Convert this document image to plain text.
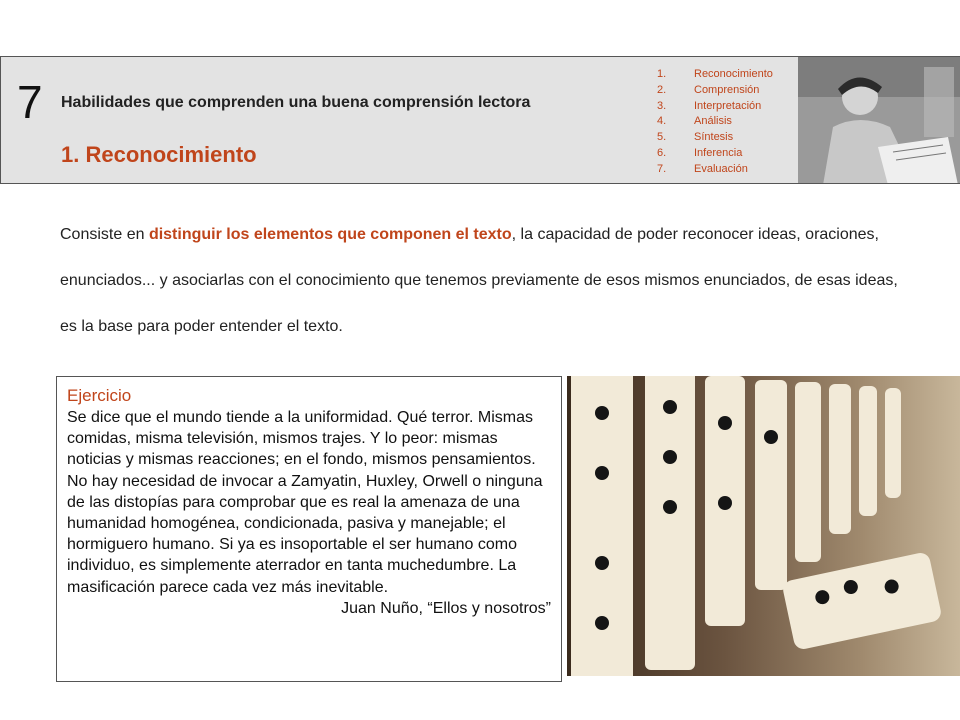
7 Habilidades que comprenden una buena comprensión lectora
1. Reconocimiento
1.	Reconocimiento
2.	Comprensión
3.	Interpretación
4.	Análisis
5.	Síntesis
6.	Inferencia
7.	Evaluación
Consiste en distinguir los elementos que componen el texto, la capacidad de poder reconocer ideas, oraciones, enunciados... y asociarlas con el conocimiento que tenemos previamente de esos mismos enunciados, de esas ideas, es la base para poder entender el texto.
Ejercicio
Se dice que el mundo tiende a la uniformidad. Qué terror. Mismas comidas, misma televisión, mismos trajes. Y lo peor: mismas noticias y mismas reacciones; en el fondo, mismos pensamientos. No hay necesidad de invocar a Zamyatin, Huxley, Orwell o ninguna de las distopías para comprobar que es real la amenaza de una humanidad homogénea, condicionada, pasiva y manejable; el hormiguero humano. Si ya es insoportable el ser humano como individuo, es simplemente aterrador en tanta muchedumbre. La masificación parece cada vez más inevitable.
Juan Nuño, “Ellos y nosotros”
